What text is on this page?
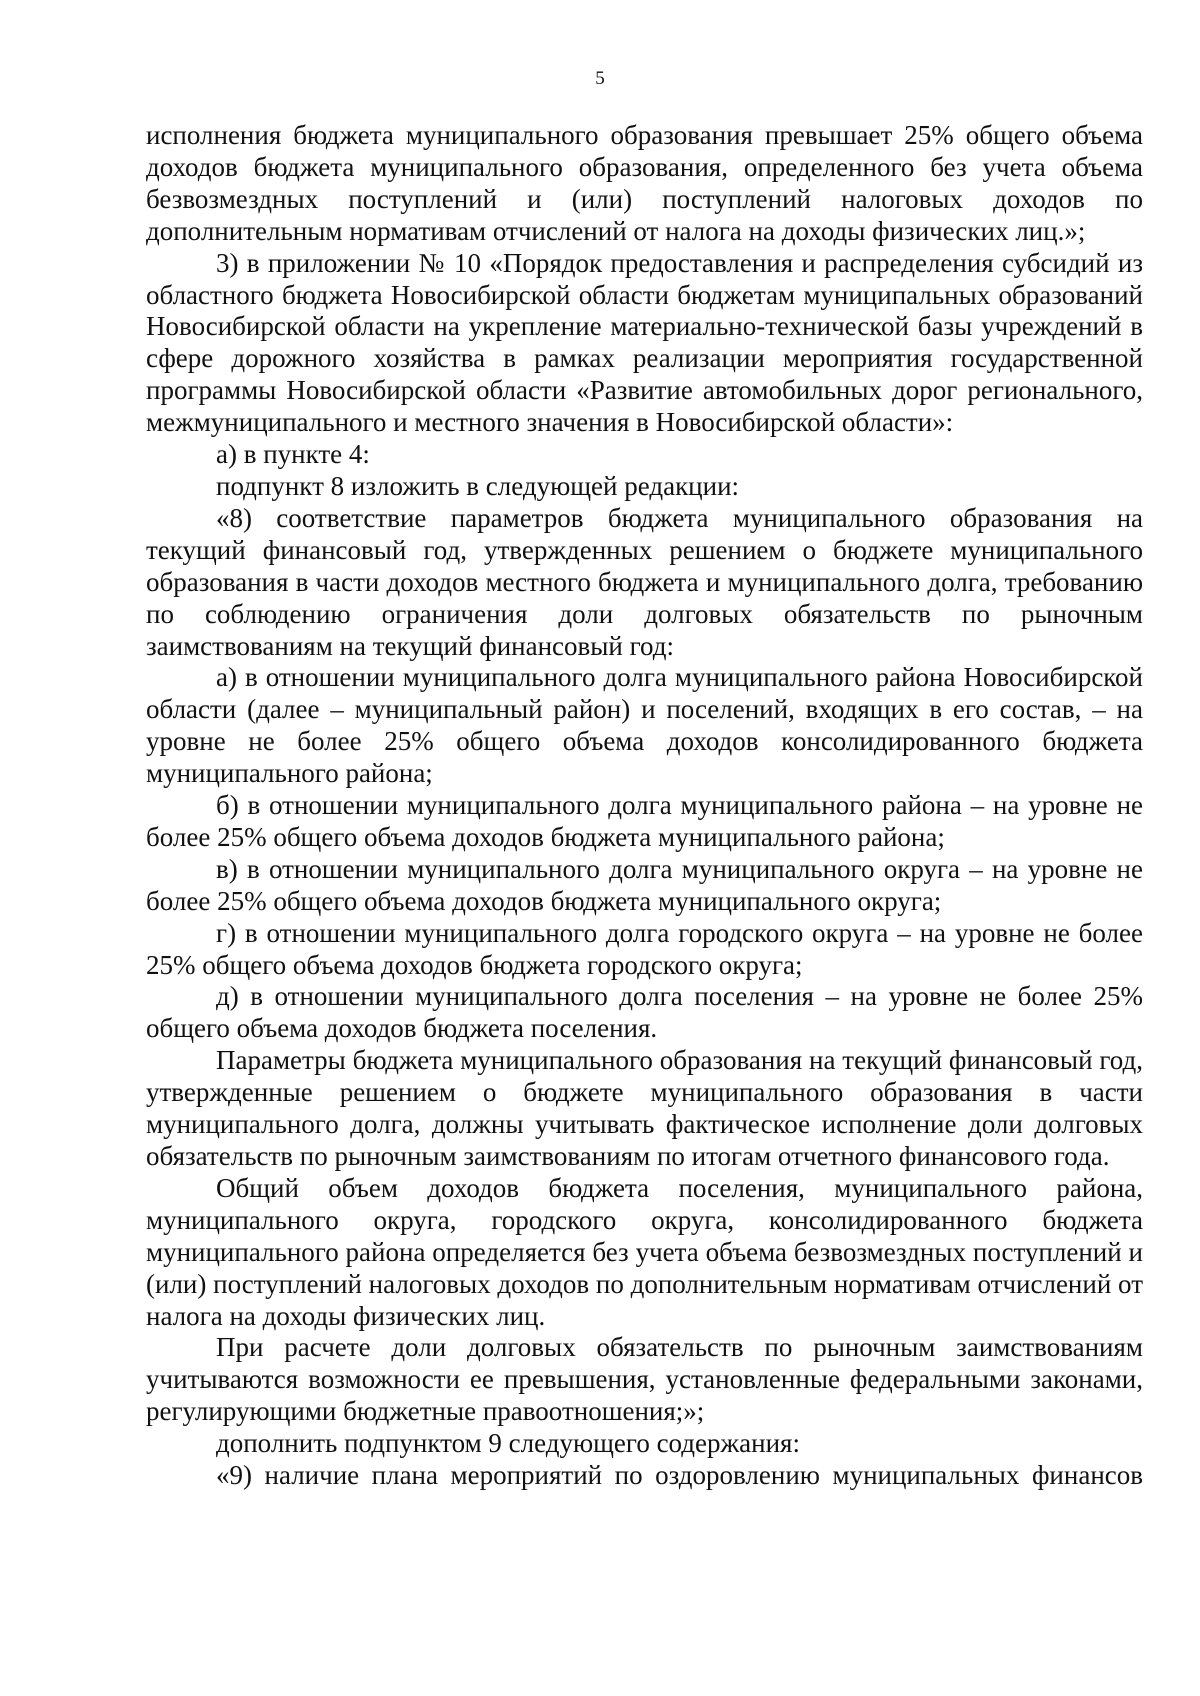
5

исполнения бюджета муниципального образования превышает 25% общего объема доходов бюджета муниципального образования, определенного без учета объема безвозмездных поступлений и (или) поступлений налоговых доходов по дополнительным нормативам отчислений от налога на доходы физических лиц.»;

3) в приложении № 10 «Порядок предоставления и распределения субсидий из областного бюджета Новосибирской области бюджетам муниципальных образований Новосибирской области на укрепление материально-технической базы учреждений в сфере дорожного хозяйства в рамках реализации мероприятия государственной программы Новосибирской области «Развитие автомобильных дорог регионального, межмуниципального и местного значения в Новосибирской области»:

а) в пункте 4:

подпункт 8 изложить в следующей редакции:

«8) соответствие параметров бюджета муниципального образования на текущий финансовый год, утвержденных решением о бюджете муниципального образования в части доходов местного бюджета и муниципального долга, требованию по соблюдению ограничения доли долговых обязательств по рыночным заимствованиям на текущий финансовый год:

а) в отношении муниципального долга муниципального района Новосибирской области (далее – муниципальный район) и поселений, входящих в его состав, – на уровне не более 25% общего объема доходов консолидированного бюджета муниципального района;

б) в отношении муниципального долга муниципального района – на уровне не более 25% общего объема доходов бюджета муниципального района;

в) в отношении муниципального долга муниципального округа – на уровне не более 25% общего объема доходов бюджета муниципального округа;

г) в отношении муниципального долга городского округа – на уровне не более 25% общего объема доходов бюджета городского округа;

д) в отношении муниципального долга поселения – на уровне не более 25% общего объема доходов бюджета поселения.

Параметры бюджета муниципального образования на текущий финансовый год, утвержденные решением о бюджете муниципального образования в части муниципального долга, должны учитывать фактическое исполнение доли долговых обязательств по рыночным заимствованиям по итогам отчетного финансового года.

Общий объем доходов бюджета поселения, муниципального района, муниципального округа, городского округа, консолидированного бюджета муниципального района определяется без учета объема безвозмездных поступлений и (или) поступлений налоговых доходов по дополнительным нормативам отчислений от налога на доходы физических лиц.

При расчете доли долговых обязательств по рыночным заимствованиям учитываются возможности ее превышения, установленные федеральными законами, регулирующими бюджетные правоотношения;»;

дополнить подпунктом 9 следующего содержания:

«9) наличие плана мероприятий по оздоровлению муниципальных финансов
